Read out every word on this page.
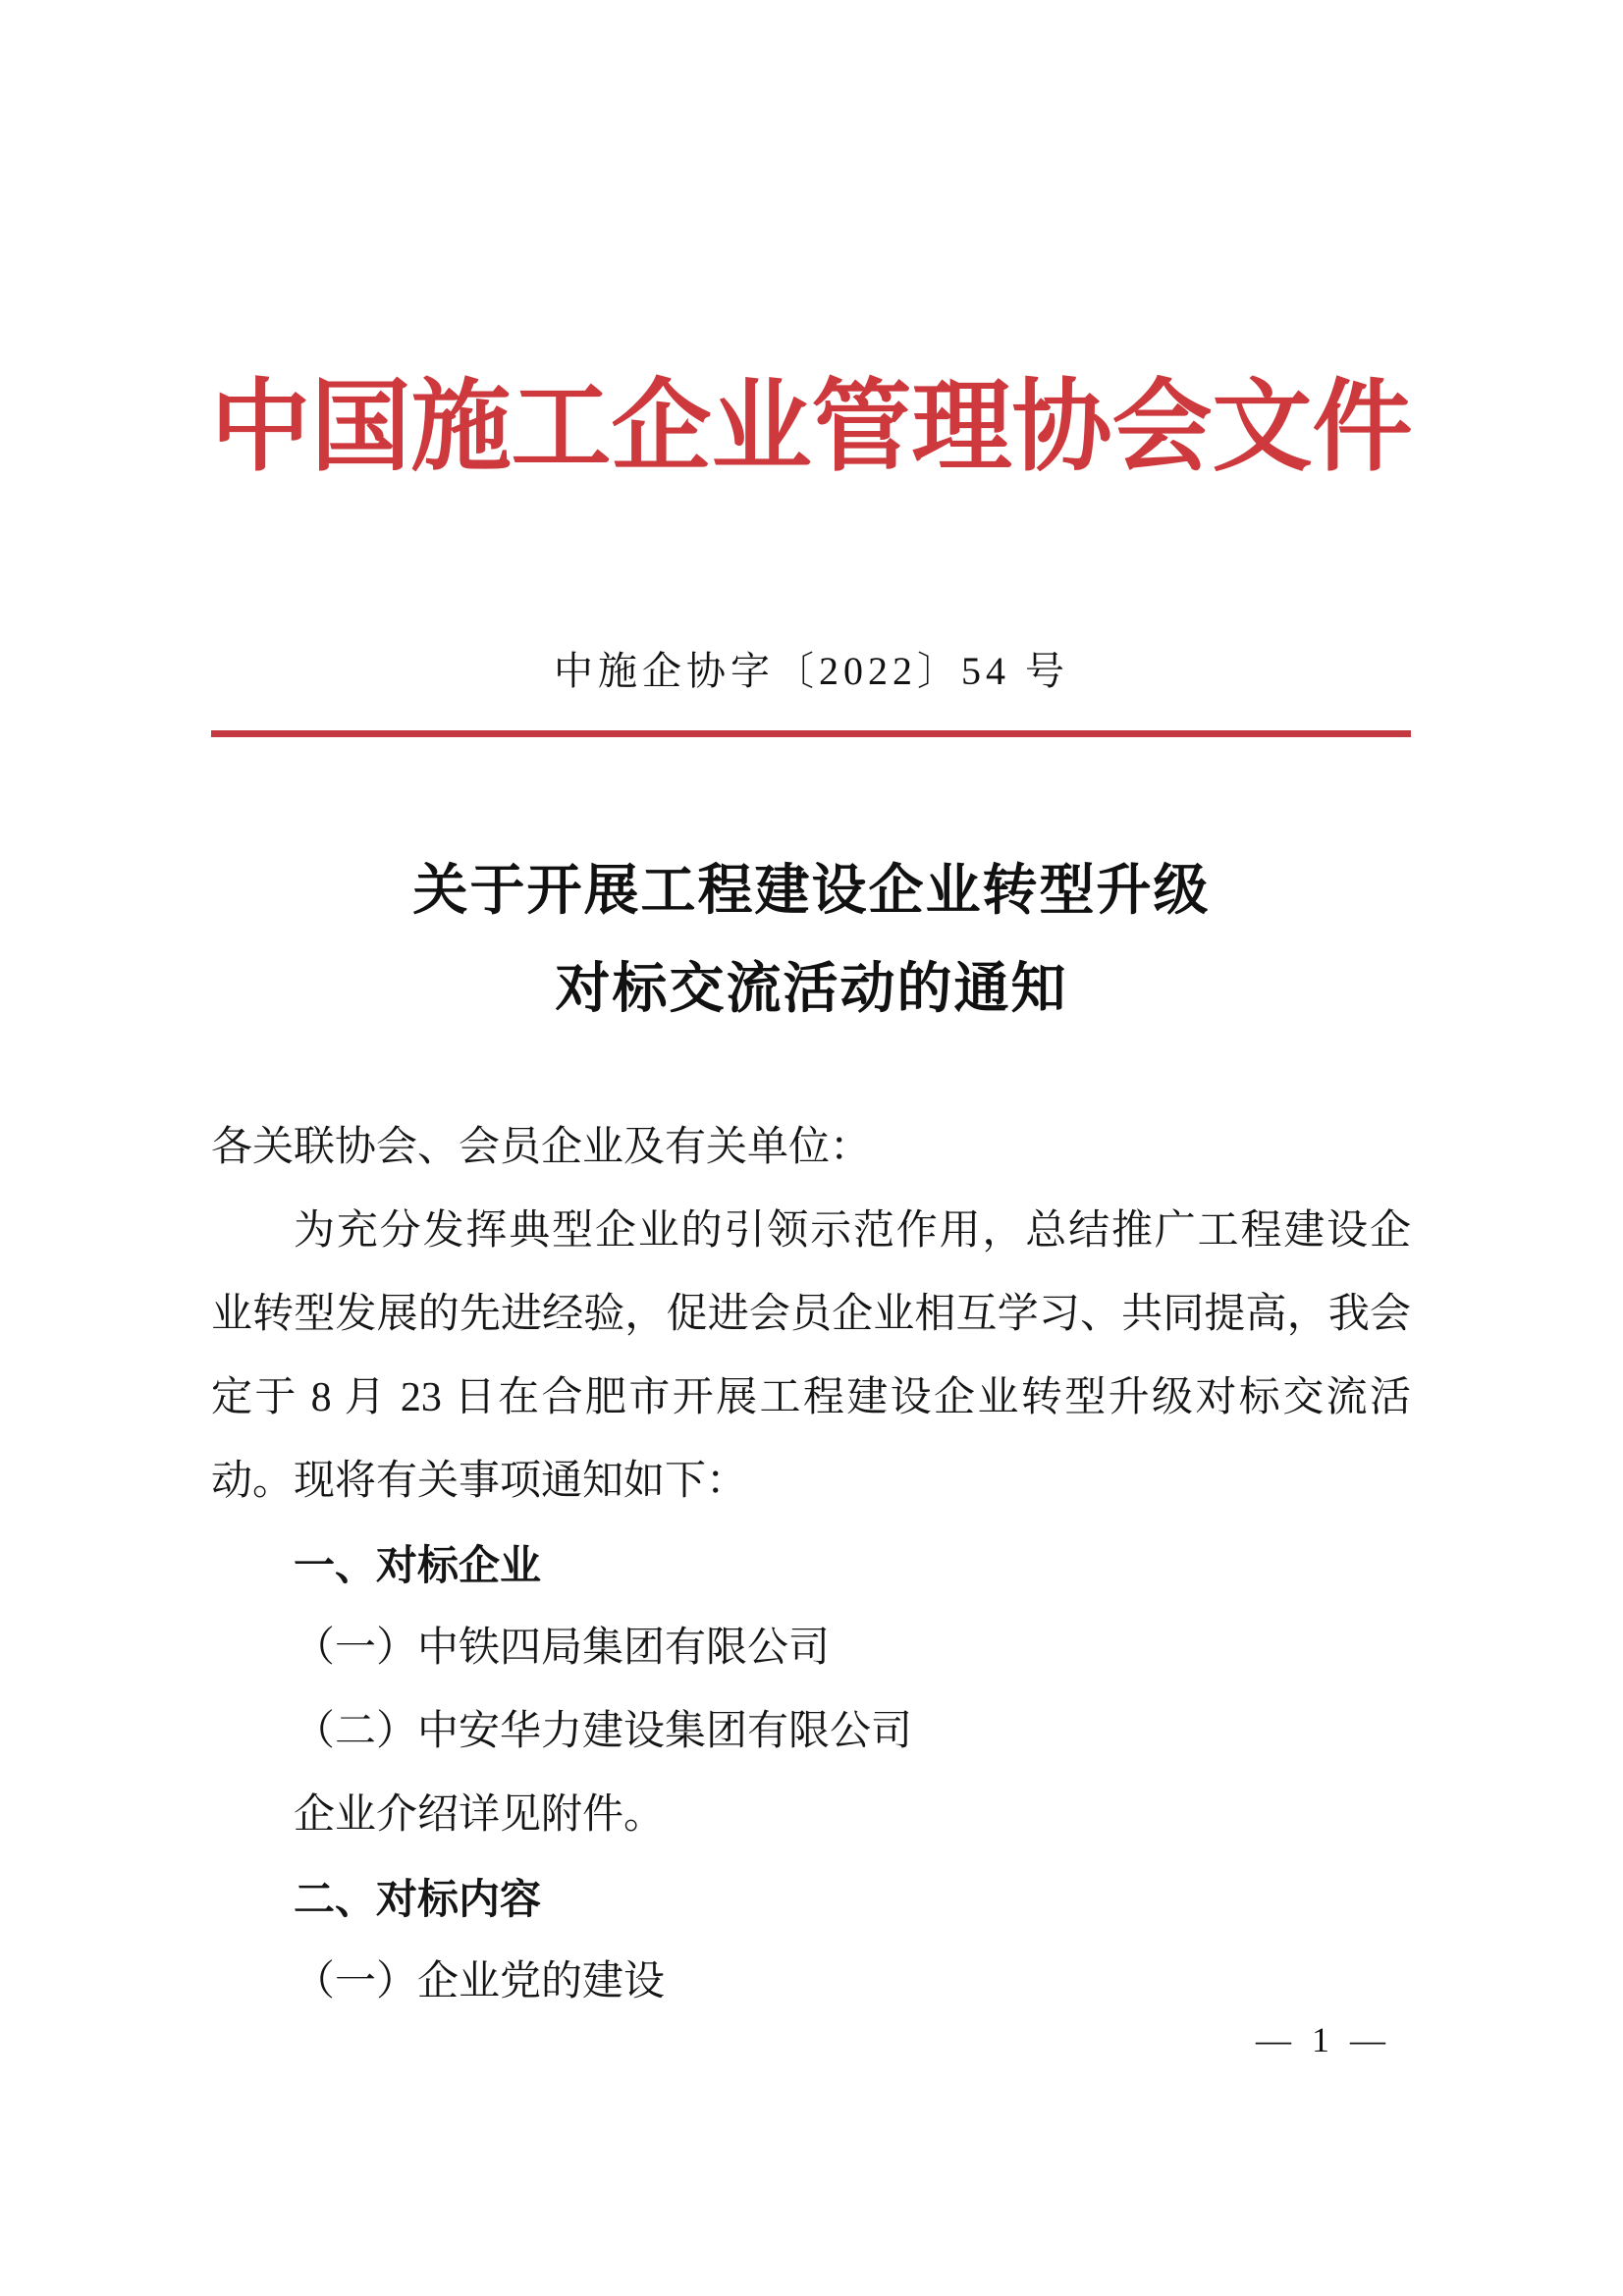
中国施工企业管理协会文件
中施企协字〔2022〕54 号
关于开展工程建设企业转型升级
对标交流活动的通知
各关联协会、会员企业及有关单位：
为充分发挥典型企业的引领示范作用，总结推广工程建设企
业转型发展的先进经验，促进会员企业相互学习、共同提高，我会
定于 8 月 23 日在合肥市开展工程建设企业转型升级对标交流活
动。现将有关事项通知如下：
一、对标企业
（一）中铁四局集团有限公司
（二）中安华力建设集团有限公司
企业介绍详见附件。
二、对标内容
（一）企业党的建设
— 1 —
